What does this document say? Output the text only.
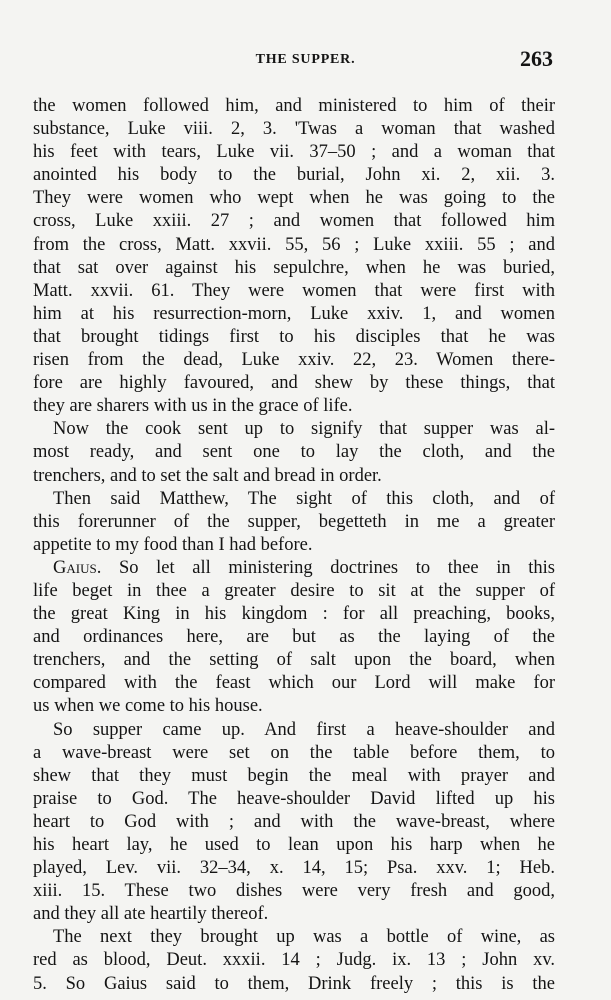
THE SUPPER.	263
the women followed him, and ministered to him of their
substance, Luke viii. 2, 3. 'Twas a woman that washed
his feet with tears, Luke vii. 37–50 ; and a woman that
anointed his body to the burial, John xi. 2, xii. 3.
They were women who wept when he was going to the
cross, Luke xxiii. 27 ; and women that followed him
from the cross, Matt. xxvii. 55, 56 ; Luke xxiii. 55 ; and
that sat over against his sepulchre, when he was buried,
Matt. xxvii. 61. They were women that were first with
him at his resurrection-morn, Luke xxiv. 1, and women
that brought tidings first to his disciples that he was
risen from the dead, Luke xxiv. 22, 23. Women there-
fore are highly favoured, and shew by these things, that
they are sharers with us in the grace of life.
Now the cook sent up to signify that supper was al-
most ready, and sent one to lay the cloth, and the
trenchers, and to set the salt and bread in order.
Then said Matthew, The sight of this cloth, and of
this forerunner of the supper, begetteth in me a greater
appetite to my food than I had before.
Gaius. So let all ministering doctrines to thee in this
life beget in thee a greater desire to sit at the supper of
the great King in his kingdom : for all preaching, books,
and ordinances here, are but as the laying of the
trenchers, and the setting of salt upon the board, when
compared with the feast which our Lord will make for
us when we come to his house.
So supper came up. And first a heave-shoulder and
a wave-breast were set on the table before them, to
shew that they must begin the meal with prayer and
praise to God. The heave-shoulder David lifted up his
heart to God with ; and with the wave-breast, where
his heart lay, he used to lean upon his harp when he
played, Lev. vii. 32–34, x. 14, 15; Psa. xxv. 1; Heb.
xiii. 15. These two dishes were very fresh and good,
and they all ate heartily thereof.
The next they brought up was a bottle of wine, as
red as blood, Deut. xxxii. 14 ; Judg. ix. 13 ; John xv.
5. So Gaius said to them, Drink freely ; this is the
